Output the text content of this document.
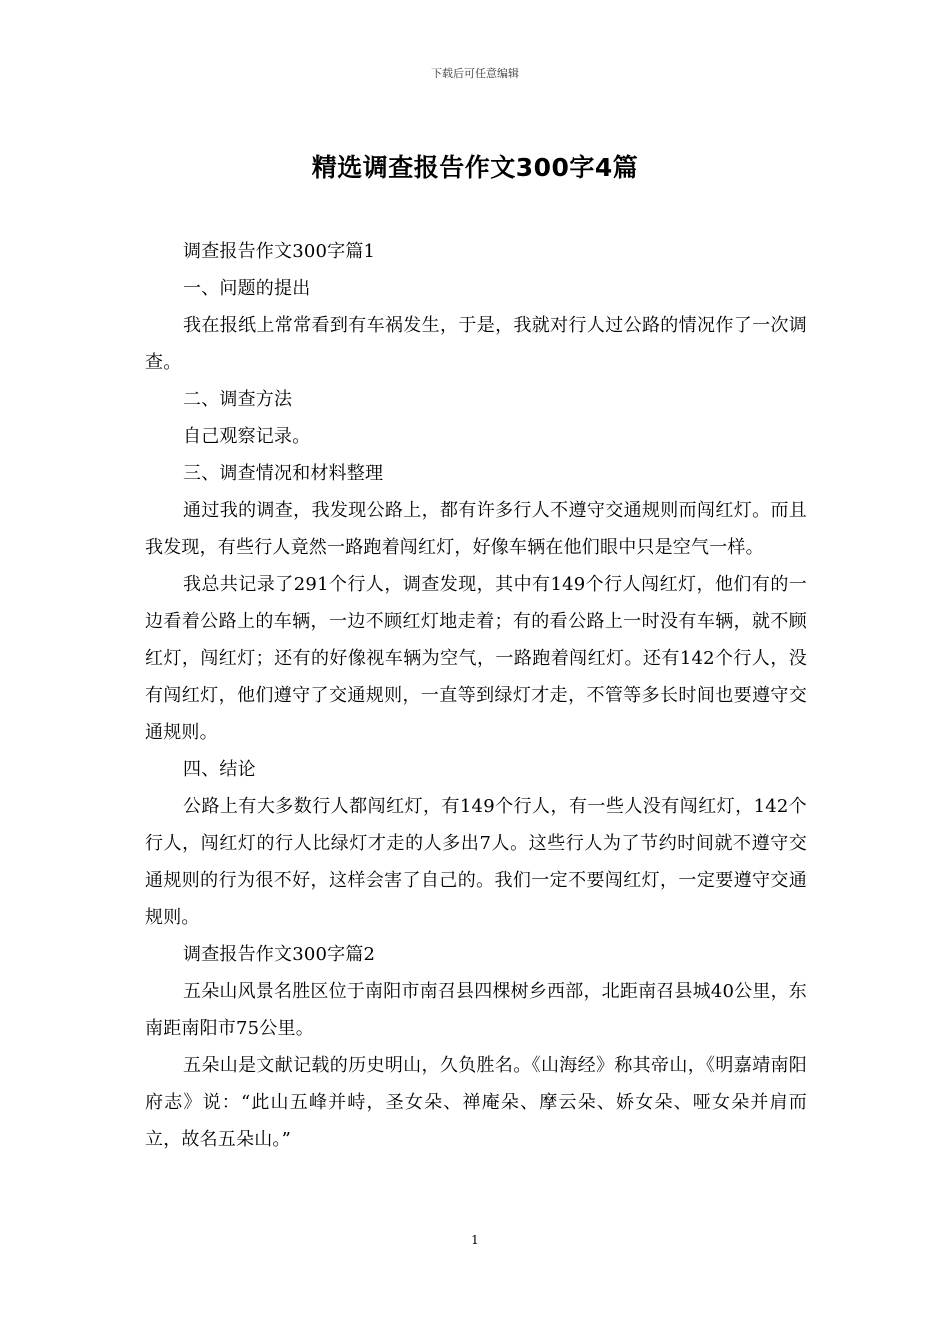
下载后可任意编辑
精选调查报告作文300字4篇

调查报告作文300字篇1

一、问题的提出

我在报纸上常常看到有车祸发生，于是，我就对行人过公路的情况作了一次调查。

二、调查方法

自己观察记录。

三、调查情况和材料整理

通过我的调查，我发现公路上，都有许多行人不遵守交通规则而闯红灯。而且我发现，有些行人竟然一路跑着闯红灯，好像车辆在他们眼中只是空气一样。

我总共记录了291个行人，调查发现，其中有149个行人闯红灯，他们有的一边看着公路上的车辆，一边不顾红灯地走着；有的看公路上一时没有车辆，就不顾红灯，闯红灯；还有的好像视车辆为空气，一路跑着闯红灯。还有142个行人，没有闯红灯，他们遵守了交通规则，一直等到绿灯才走，不管等多长时间也要遵守交通规则。

四、结论

公路上有大多数行人都闯红灯，有149个行人，有一些人没有闯红灯，142个行人，闯红灯的行人比绿灯才走的人多出7人。这些行人为了节约时间就不遵守交通规则的行为很不好，这样会害了自己的。我们一定不要闯红灯，一定要遵守交通规则。

调查报告作文300字篇2

五朵山风景名胜区位于南阳市南召县四棵树乡西部，北距南召县城40公里，东南距南阳市75公里。

五朵山是文献记载的历史明山，久负胜名。《山海经》称其帝山，《明嘉靖南阳府志》说：“此山五峰并峙，圣女朵、禅庵朵、摩云朵、娇女朵、哑女朵并肩而立，故名五朵山。”

1
